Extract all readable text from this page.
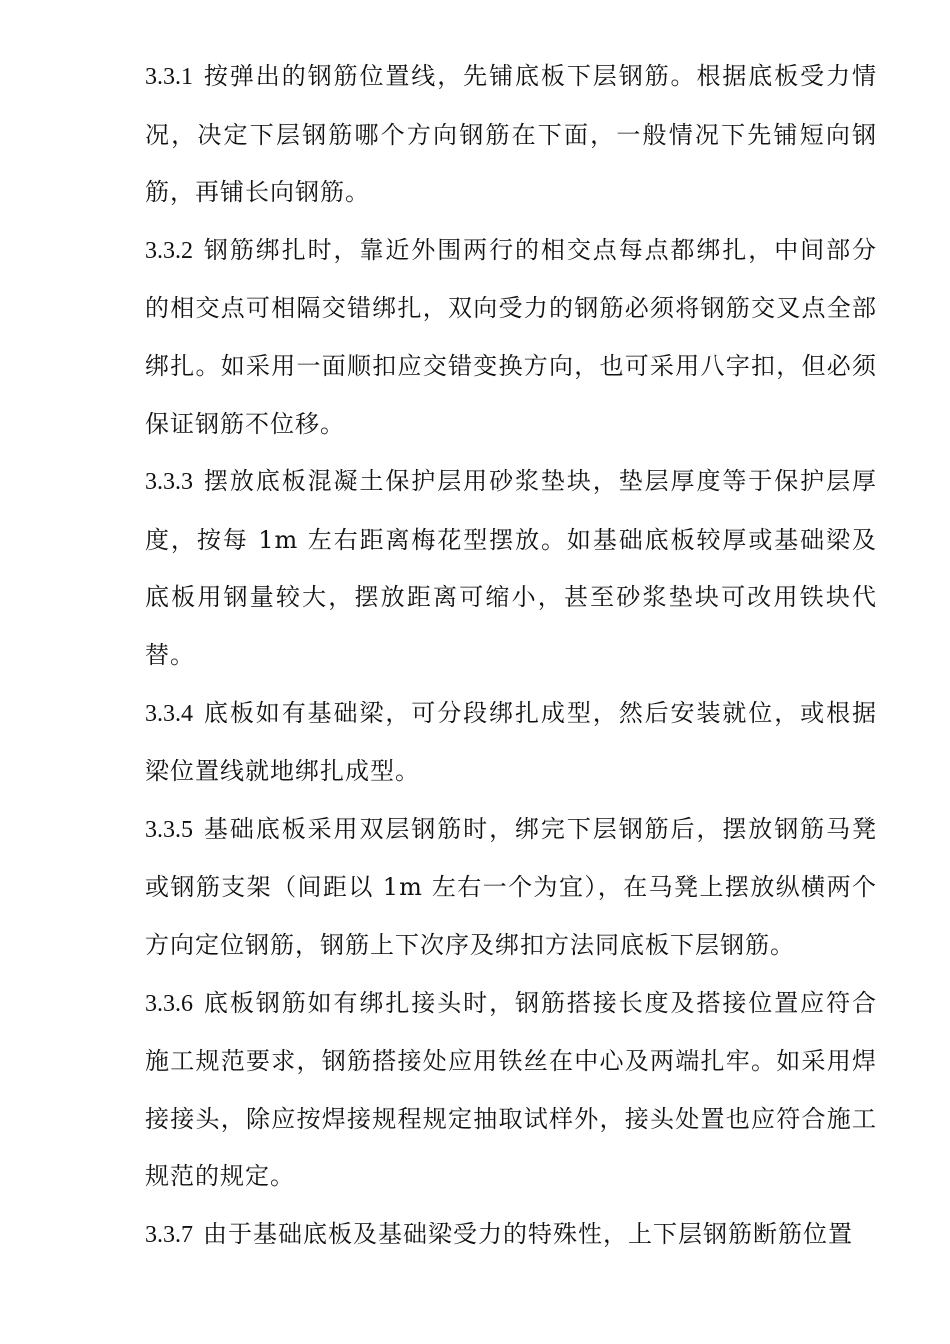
3.3.1 按弹出的钢筋位置线，先铺底板下层钢筋。根据底板受力情况，决定下层钢筋哪个方向钢筋在下面，一般情况下先铺短向钢筋，再铺长向钢筋。

3.3.2 钢筋绑扎时，靠近外围两行的相交点每点都绑扎，中间部分的相交点可相隔交错绑扎，双向受力的钢筋必须将钢筋交叉点全部绑扎。如采用一面顺扣应交错变换方向，也可采用八字扣，但必须保证钢筋不位移。

3.3.3 摆放底板混凝土保护层用砂浆垫块，垫层厚度等于保护层厚度，按每 1m 左右距离梅花型摆放。如基础底板较厚或基础梁及底板用钢量较大，摆放距离可缩小，甚至砂浆垫块可改用铁块代替。

3.3.4 底板如有基础梁，可分段绑扎成型，然后安装就位，或根据梁位置线就地绑扎成型。

3.3.5 基础底板采用双层钢筋时，绑完下层钢筋后，摆放钢筋马凳或钢筋支架（间距以 1m 左右一个为宜），在马凳上摆放纵横两个方向定位钢筋，钢筋上下次序及绑扣方法同底板下层钢筋。

3.3.6 底板钢筋如有绑扎接头时，钢筋搭接长度及搭接位置应符合施工规范要求，钢筋搭接处应用铁丝在中心及两端扎牢。如采用焊接接头，除应按焊接规程规定抽取试样外，接头处置也应符合施工规范的规定。

3.3.7 由于基础底板及基础梁受力的特殊性，上下层钢筋断筋位置
